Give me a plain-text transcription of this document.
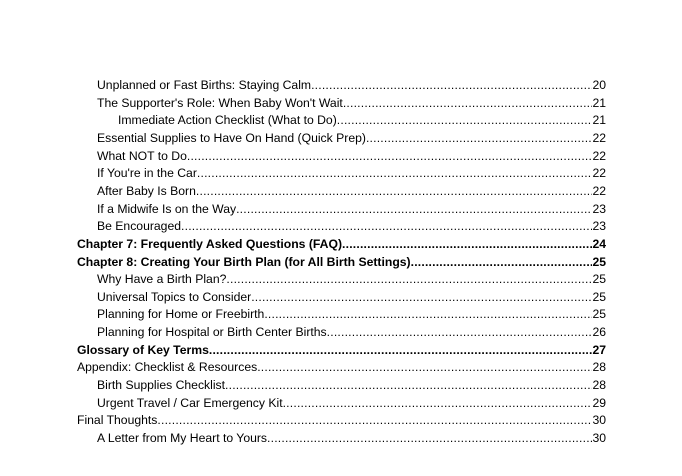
Unplanned or Fast Births: Staying Calm .....	20
The Supporter's Role: When Baby Won't Wait .....	21
Immediate Action Checklist (What to Do) .....	21
Essential Supplies to Have On Hand (Quick Prep) .....	22
What NOT to Do .....	22
If You're in the Car .....	22
After Baby Is Born .....	22
If a Midwife Is on the Way .....	23
Be Encouraged .....	23
Chapter 7: Frequently Asked Questions (FAQ) .....	24
Chapter 8: Creating Your Birth Plan (for All Birth Settings) .....	25
Why Have a Birth Plan? .....	25
Universal Topics to Consider .....	25
Planning for Home or Freebirth .....	25
Planning for Hospital or Birth Center Births .....	26
Glossary of Key Terms .....	27
Appendix: Checklist & Resources .....	28
Birth Supplies Checklist .....	28
Urgent Travel / Car Emergency Kit .....	29
Final Thoughts .....	30
A Letter from My Heart to Yours .....	30
